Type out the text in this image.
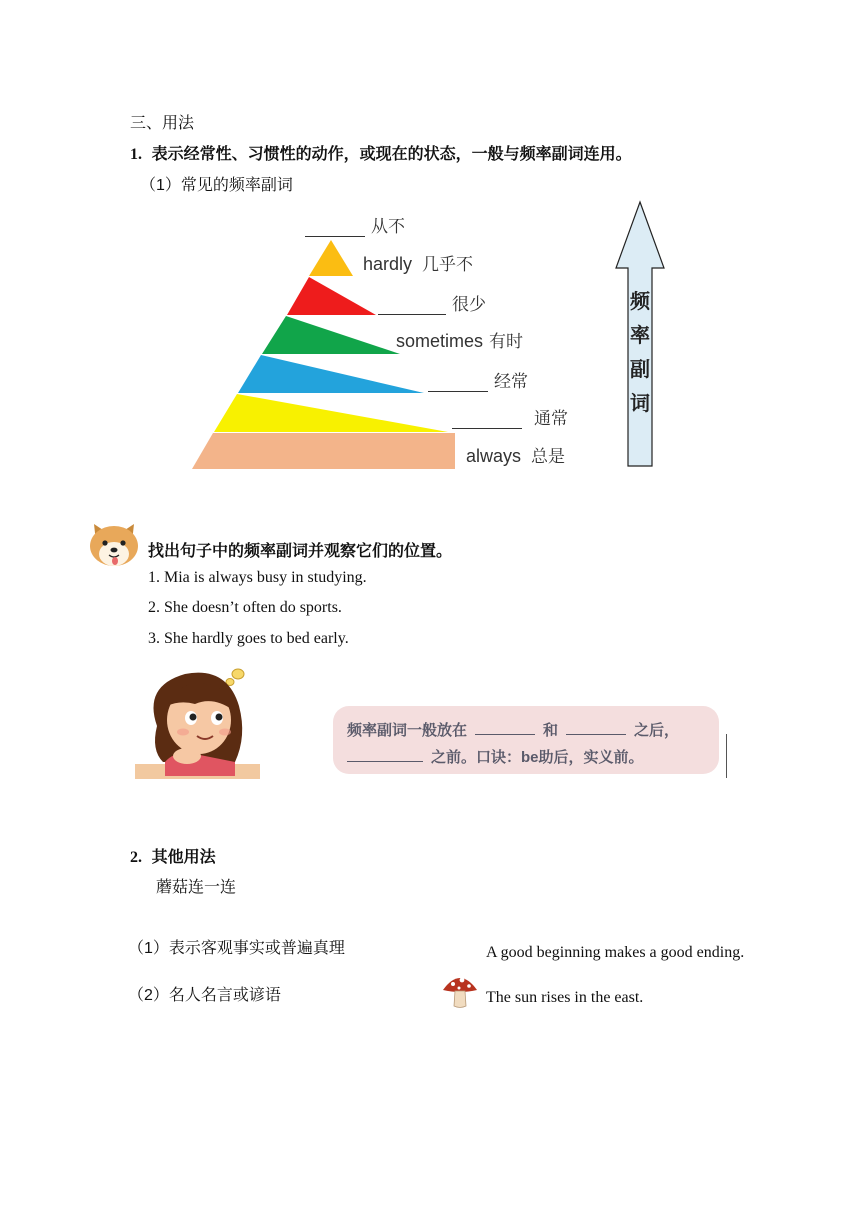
三、用法
1. 表示经常性、习惯性的动作，或现在的状态，一般与频率副词连用。
（1）常见的频率副词
从不
hardly 几乎不
很少
sometimes 有时
经常
通常
always 总是
频
率
副
词
找出句子中的频率副词并观察它们的位置。
1. Mia is always busy in studying.
2. She doesn’t often do sports.
3. She hardly goes to bed early.
频率副词一般放在	和	之后，
之前。口诀：be助后，实义前。
2. 其他用法
蘑菇连一连
（1）表示客观事实或普遍真理
（2）名人名言或谚语
A good beginning makes a good ending.
The sun rises in the east.
